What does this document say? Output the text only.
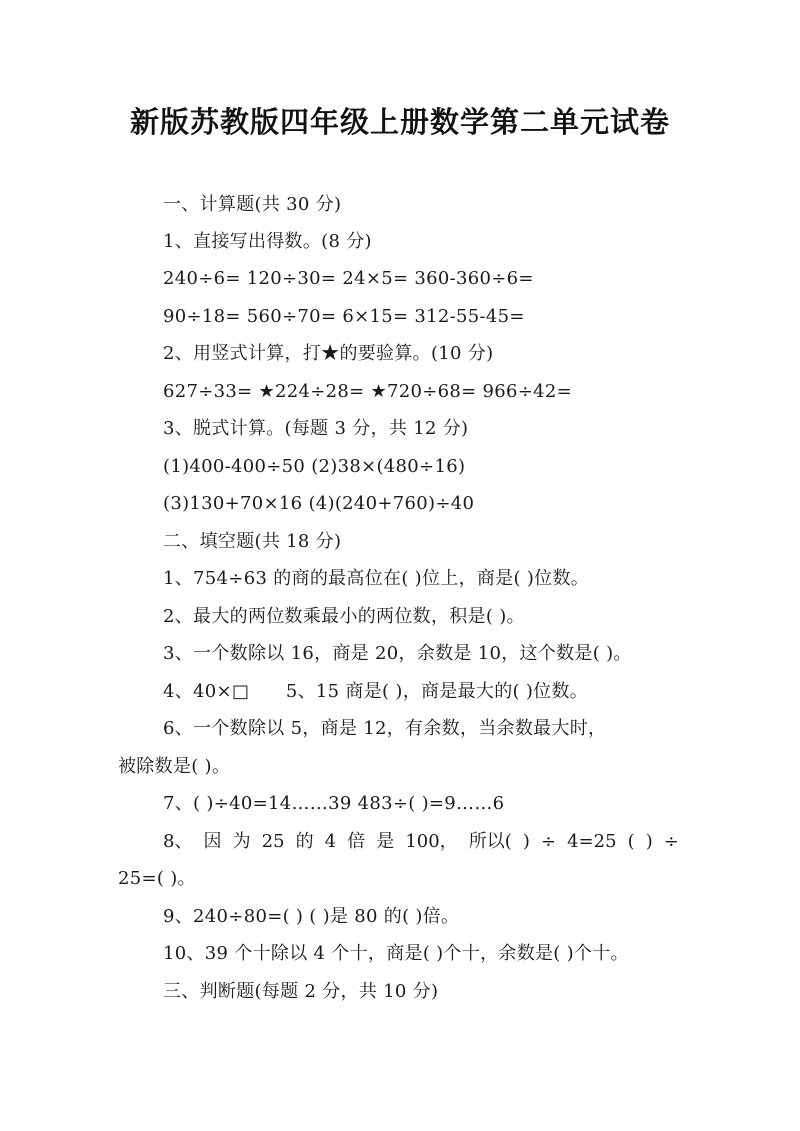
新版苏教版四年级上册数学第二单元试卷
一、计算题(共 30 分)
1、直接写出得数。(8 分)
240÷6= 120÷30= 24×5= 360-360÷6=
90÷18= 560÷70= 6×15= 312-55-45=
2、用竖式计算，打★的要验算。(10 分)
627÷33= ★224÷28= ★720÷68= 966÷42=
3、脱式计算。(每题 3 分，共 12 分)
(1)400-400÷50 (2)38×(480÷16)
(3)130+70×16 (4)(240+760)÷40
二、填空题(共 18 分)
1、754÷63 的商的最高位在( )位上，商是( )位数。
2、最大的两位数乘最小的两位数，积是( )。
3、一个数除以 16，商是 20，余数是 10，这个数是( )。
4、40×□　　5、15 商是( )，商是最大的( )位数。
6、一个数除以 5，商是 12，有余数，当余数最大时，
被除数是( )。
7、( )÷40=14……39 483÷( )=9……6
8、 因 为 25 的 4 倍 是 100， 所以( ) ÷ 4=25 ( ) ÷
25=( )。
9、240÷80=( ) ( )是 80 的( )倍。
10、39 个十除以 4 个十，商是( )个十，余数是( )个十。
三、判断题(每题 2 分，共 10 分)
